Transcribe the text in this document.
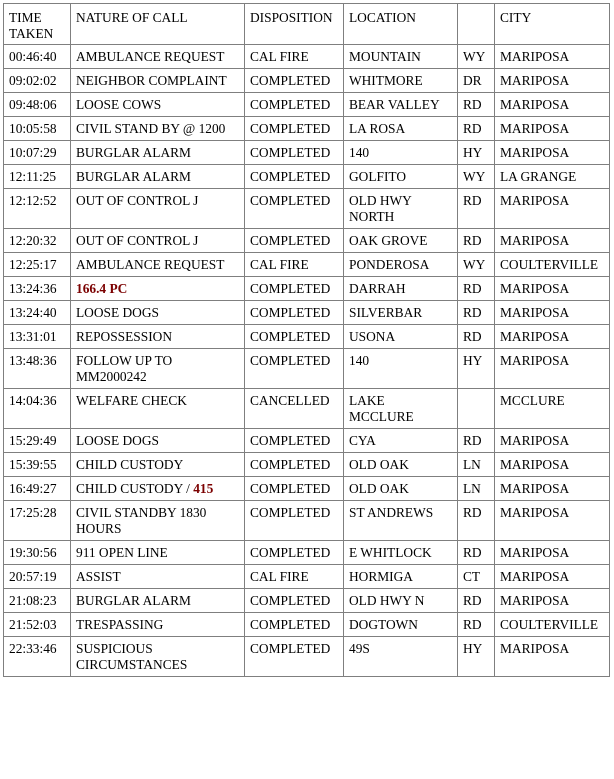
TIME TAKEN	NATURE OF CALL	DISPOSITION	LOCATION		CITY
00:46:40	AMBULANCE REQUEST	CAL FIRE	MOUNTAIN	WY	MARIPOSA
09:02:02	NEIGHBOR COMPLAINT	COMPLETED	WHITMORE	DR	MARIPOSA
09:48:06	LOOSE COWS	COMPLETED	BEAR VALLEY	RD	MARIPOSA
10:05:58	CIVIL STAND BY @ 1200	COMPLETED	LA ROSA	RD	MARIPOSA
10:07:29	BURGLAR ALARM	COMPLETED	140	HY	MARIPOSA
12:11:25	BURGLAR ALARM	COMPLETED	GOLFITO	WY	LA GRANGE
12:12:52	OUT OF CONTROL J	COMPLETED	OLD HWY NORTH	RD	MARIPOSA
12:20:32	OUT OF CONTROL J	COMPLETED	OAK GROVE	RD	MARIPOSA
12:25:17	AMBULANCE REQUEST	CAL FIRE	PONDEROSA	WY	COULTERVILLE
13:24:36	166.4 PC	COMPLETED	DARRAH	RD	MARIPOSA
13:24:40	LOOSE DOGS	COMPLETED	SILVERBAR	RD	MARIPOSA
13:31:01	REPOSSESSION	COMPLETED	USONA	RD	MARIPOSA
13:48:36	FOLLOW UP TO MM2000242	COMPLETED	140	HY	MARIPOSA
14:04:36	WELFARE CHECK	CANCELLED	LAKE MCCLURE		MCCLURE
15:29:49	LOOSE DOGS	COMPLETED	CYA	RD	MARIPOSA
15:39:55	CHILD CUSTODY	COMPLETED	OLD OAK	LN	MARIPOSA
16:49:27	CHILD CUSTODY / 415	COMPLETED	OLD OAK	LN	MARIPOSA
17:25:28	CIVIL STANDBY 1830 HOURS	COMPLETED	ST ANDREWS	RD	MARIPOSA
19:30:56	911 OPEN LINE	COMPLETED	E WHITLOCK	RD	MARIPOSA
20:57:19	ASSIST	CAL FIRE	HORMIGA	CT	MARIPOSA
21:08:23	BURGLAR ALARM	COMPLETED	OLD HWY N	RD	MARIPOSA
21:52:03	TRESPASSING	COMPLETED	DOGTOWN	RD	COULTERVILLE
22:33:46	SUSPICIOUS CIRCUMSTANCES	COMPLETED	49S	HY	MARIPOSA
